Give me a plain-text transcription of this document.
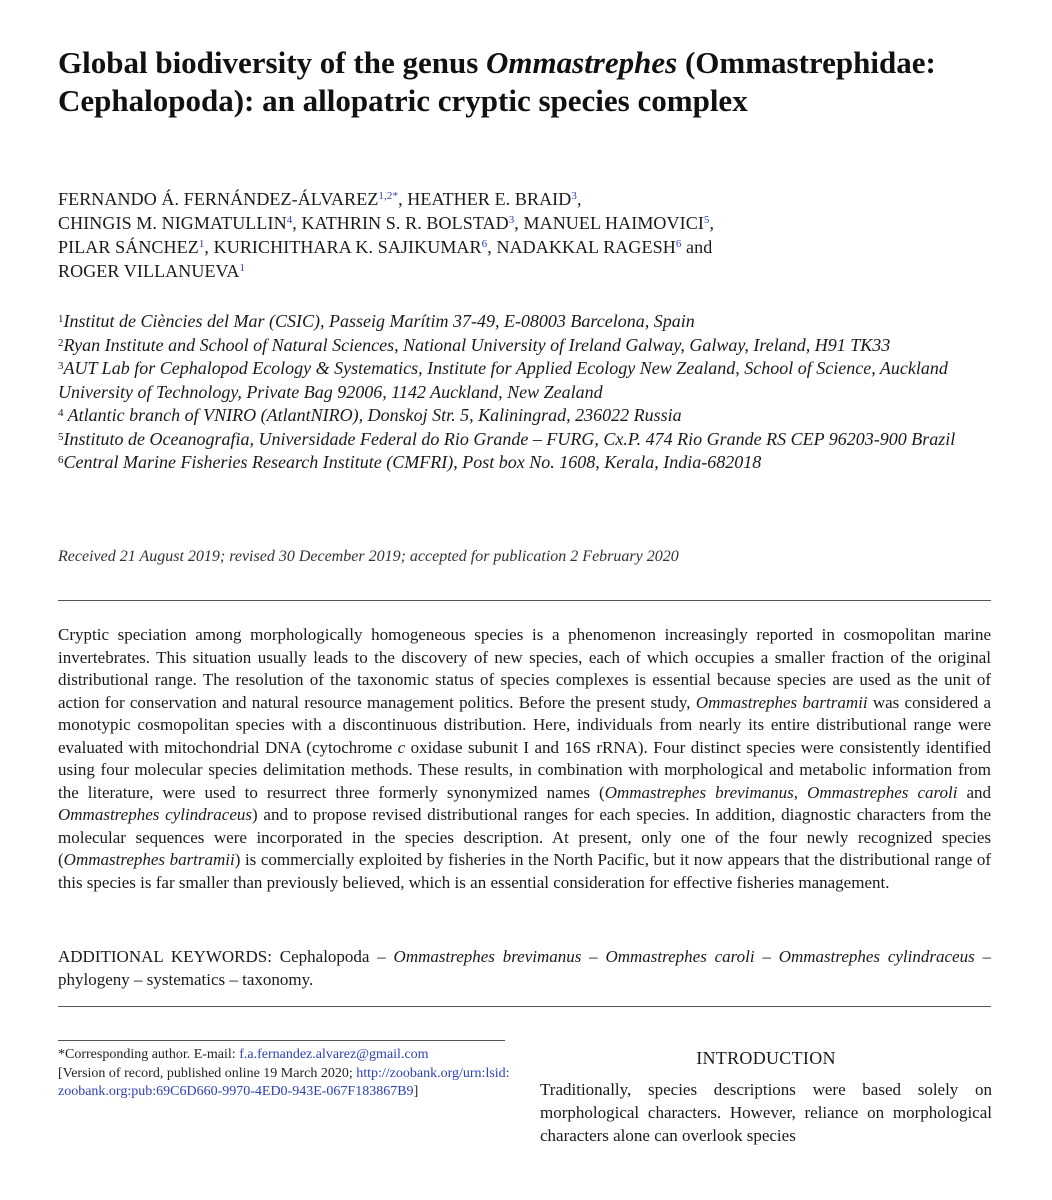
Global biodiversity of the genus Ommastrephes (Ommastrephidae: Cephalopoda): an allopatric cryptic species complex
FERNANDO Á. FERNÁNDEZ-$ÁLVAREZ^{1,2*}$, HEATHER E. BRAID$^3$,
CHINGIS M. NIGMATULLIN$^4$, KATHRIN S. R. BOLSTAD$^3$, MANUEL HAIMOVICI$^5$,
PILAR SÁNCHEZ$^1$, KURICHITHARA K. SAJIKUMAR$^6$, NADAKKAL RAGESH$^6$ and
ROGER VILLANUEVA$^1$

$^1$Institut de Ciències del Mar (CSIC), Passeig Marítim 37-49, E-08003 Barcelona, Spain

$^2$Ryan Institute and School of Natural Sciences, National University of Ireland Galway, Galway, Ireland, H91 TK33

$^3$AUT Lab for Cephalopod Ecology & Systematics, Institute for Applied Ecology New Zealand, School of Science, Auckland University of Technology, Private Bag 92006, 1142 Auckland, New Zealand

$^4$ Atlantic branch of VNIRO (AtlantNIRO), Donskoj Str. 5, Kaliningrad, 236022 Russia

$^5$Instituto de Oceanografia, Universidade Federal do Rio Grande – FURG, Cx.P. 474 Rio Grande RS CEP 96203-900 Brazil

$^6$Central Marine Fisheries Research Institute (CMFRI), Post box No. 1608, Kerala, India-682018

Received 21 August 2019; revised 30 December 2019; accepted for publication 2 February 2020

Cryptic speciation among morphologically homogeneous species is a phenomenon increasingly reported in cosmopolitan marine invertebrates. This situation usually leads to the discovery of new species, each of which occupies a smaller fraction of the original distributional range. The resolution of the taxonomic status of species complexes is essential because species are used as the unit of action for conservation and natural resource management politics. Before the present study, Ommastrephes bartramii was considered a monotypic cosmopolitan species with a discontinuous distribution. Here, individuals from nearly its entire distributional range were evaluated with mitochondrial DNA (cytochrome c oxidase subunit I and 16S rRNA). Four distinct species were consistently identified using four molecular species delimitation methods. These results, in combination with morphological and metabolic information from the literature, were used to resurrect three formerly synonymized names (Ommastrephes brevimanus, Ommastrephes caroli and Ommastrephes cylindraceus) and to propose revised distributional ranges for each species. In addition, diagnostic characters from the molecular sequences were incorporated in the species description. At present, only one of the four newly recognized species (Ommastrephes bartramii) is commercially exploited by fisheries in the North Pacific, but it now appears that the distributional range of this species is far smaller than previously believed, which is an essential consideration for effective fisheries management.

ADDITIONAL KEYWORDS: Cephalopoda – Ommastrephes brevimanus – Ommastrephes caroli – Ommastrephes cylindraceus – phylogeny – systematics – taxonomy.

*Corresponding author. E-mail: f.a.fernandez.alvarez@gmail.com

[Version of record, published online 19 March 2020; http://zoobank.org/urn:lsid:zoobank.org:pub:69C6D660-9970-4ED0-943E-067F183867B9]

INTRODUCTION

Traditionally, species descriptions were based solely on morphological characters. However, reliance on morphological characters alone can overlook species
